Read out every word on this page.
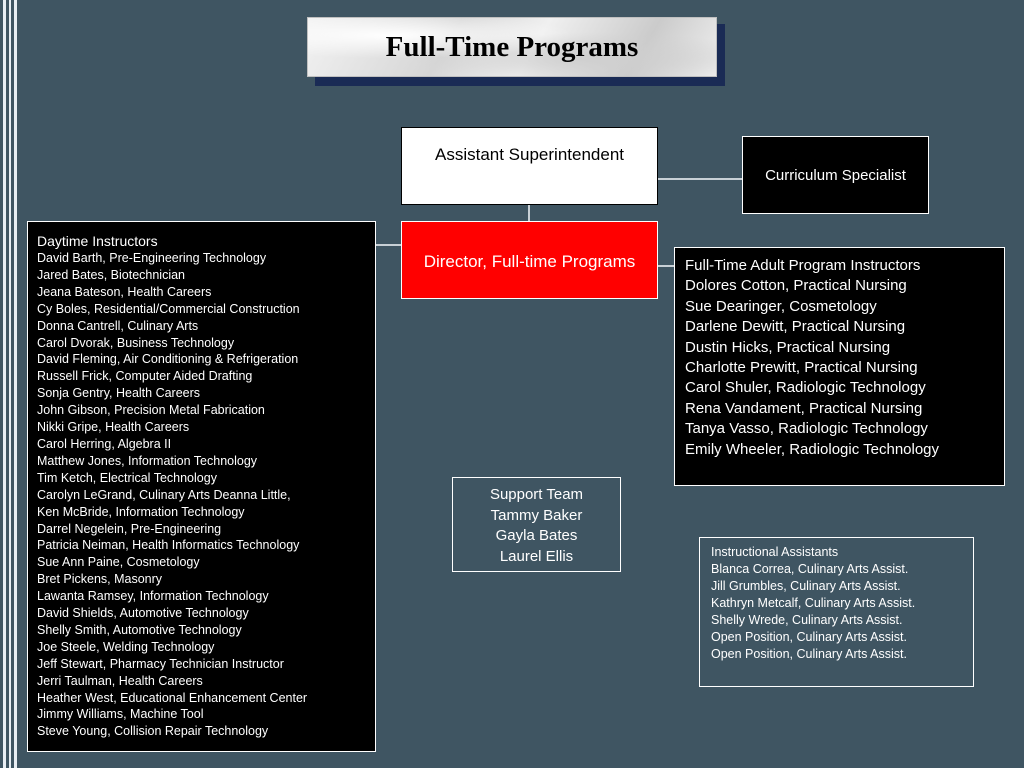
Full-Time Programs
Assistant Superintendent
Curriculum Specialist
Director, Full-time Programs
Daytime Instructors
David Barth, Pre-Engineering Technology
Jared Bates, Biotechnician
Jeana Bateson, Health Careers
Cy Boles, Residential/Commercial Construction
Donna Cantrell, Culinary Arts
Carol Dvorak, Business Technology
David Fleming, Air Conditioning & Refrigeration
Russell Frick, Computer Aided Drafting
Sonja Gentry, Health Careers
John Gibson, Precision Metal Fabrication
Nikki Gripe, Health Careers
Carol Herring, Algebra II
Matthew Jones, Information Technology
Tim Ketch, Electrical Technology
Carolyn LeGrand, Culinary Arts Deanna Little,
Ken McBride, Information Technology
Darrel Negelein, Pre-Engineering
Patricia Neiman, Health Informatics Technology
Sue Ann Paine, Cosmetology
Bret Pickens, Masonry
Lawanta Ramsey, Information Technology
David Shields, Automotive Technology
Shelly Smith, Automotive Technology
Joe Steele, Welding Technology
Jeff Stewart, Pharmacy Technician Instructor
Jerri Taulman, Health Careers
Heather West, Educational Enhancement Center
Jimmy Williams, Machine Tool
Steve Young, Collision Repair Technology
Full-Time Adult Program Instructors
Dolores Cotton, Practical Nursing
Sue Dearinger, Cosmetology
Darlene Dewitt, Practical Nursing
Dustin Hicks, Practical Nursing
Charlotte Prewitt, Practical Nursing
Carol Shuler, Radiologic Technology
Rena Vandament, Practical Nursing
Tanya Vasso, Radiologic Technology
Emily Wheeler, Radiologic Technology
Support Team
Tammy Baker
Gayla Bates
Laurel Ellis	Instructional Assistants
Blanca Correa, Culinary Arts Assist.
Jill Grumbles, Culinary Arts Assist.
Kathryn Metcalf, Culinary Arts Assist.
Shelly Wrede, Culinary Arts Assist.
Open Position, Culinary Arts Assist.
Open Position, Culinary Arts Assist.
